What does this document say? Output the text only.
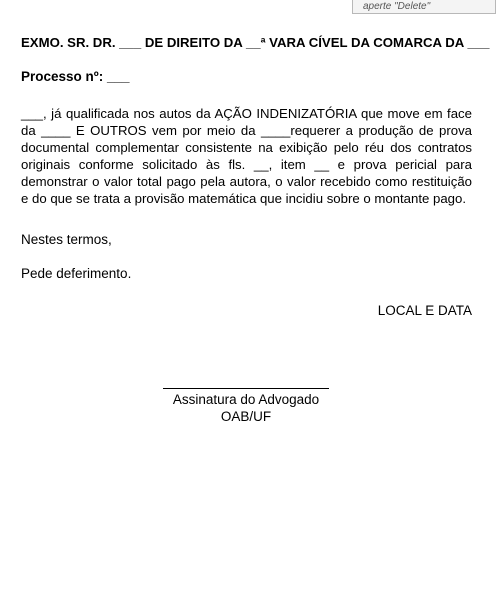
aperte "Delete"
EXMO. SR. DR. ___ DE DIREITO DA __ª VARA CÍVEL DA COMARCA DA ___
Processo nº: ___
___, já qualificada nos autos da AÇÃO INDENIZATÓRIA que move em face da ____ E OUTROS vem por meio da ____requerer a produção de prova documental complementar consistente na exibição pelo réu dos contratos originais conforme solicitado às fls. __, item __ e prova pericial para demonstrar o valor total pago pela autora, o valor recebido como restituição e do que se trata a provisão matemática que incidiu sobre o montante pago.
Nestes termos,
Pede deferimento.
LOCAL E DATA
Assinatura do Advogado
OAB/UF
